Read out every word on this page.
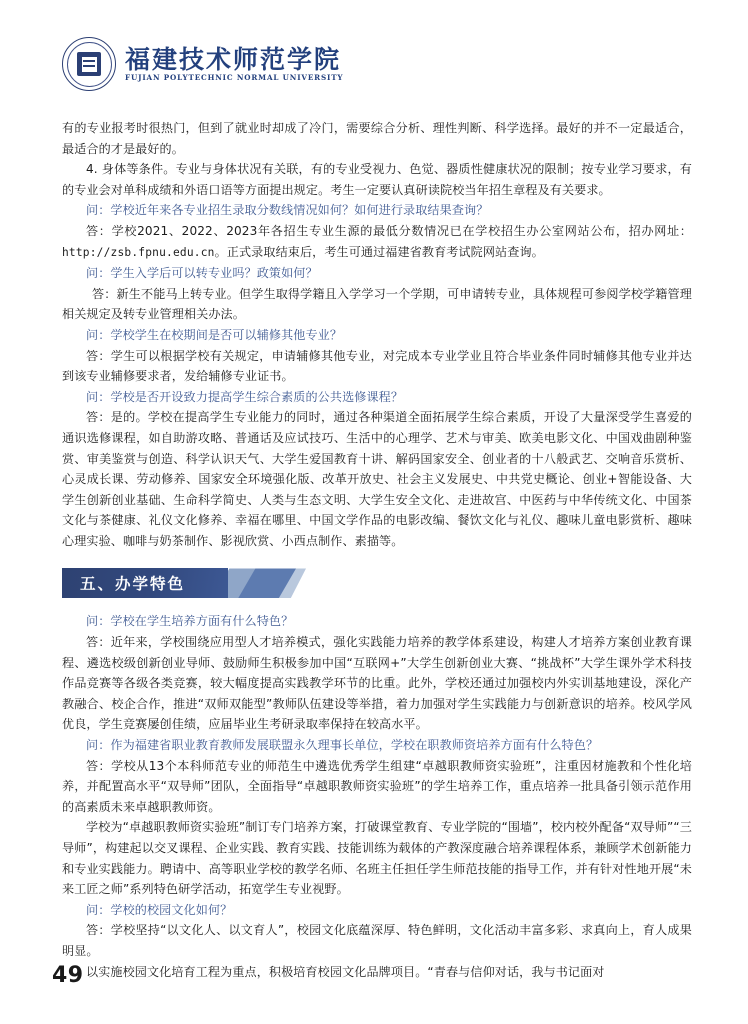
福建技术师范学院
FUJIAN POLYTECHNIC NORMAL UNIVERSITY

有的专业报考时很热门，但到了就业时却成了冷门，需要综合分析、理性判断、科学选择。最好的并不一定最适合，最适合的才是最好的。

4. 身体等条件。专业与身体状况有关联，有的专业受视力、色觉、器质性健康状况的限制；按专业学习要求，有的专业会对单科成绩和外语口语等方面提出规定。考生一定要认真研读院校当年招生章程及有关要求。

问：学校近年来各专业招生录取分数线情况如何？如何进行录取结果查询？

答：学校2021、2022、2023年各招生专业生源的最低分数情况已在学校招生办公室网站公布，招办网址：http://zsb.fpnu.edu.cn。正式录取结束后，考生可通过福建省教育考试院网站查询。

问：学生入学后可以转专业吗？政策如何？

答：新生不能马上转专业。但学生取得学籍且入学学习一个学期，可申请转专业，具体规程可参阅学校学籍管理相关规定及转专业管理相关办法。

问：学校学生在校期间是否可以辅修其他专业？

答：学生可以根据学校有关规定，申请辅修其他专业，对完成本专业学业且符合毕业条件同时辅修其他专业并达到该专业辅修要求者，发给辅修专业证书。

问：学校是否开设致力提高学生综合素质的公共选修课程？

答：是的。学校在提高学生专业能力的同时，通过各种渠道全面拓展学生综合素质，开设了大量深受学生喜爱的通识选修课程，如自助游攻略、普通话及应试技巧、生活中的心理学、艺术与审美、欧美电影文化、中国戏曲剧种鉴赏、审美鉴赏与创造、科学认识天气、大学生爱国教育十讲、解码国家安全、创业者的十八般武艺、交响音乐赏析、心灵成长课、劳动修养、国家安全环境强化版、改革开放史、社会主义发展史、中共党史概论、创业+智能设备、大学生创新创业基础、生命科学简史、人类与生态文明、大学生安全文化、走进故宫、中医药与中华传统文化、中国茶文化与茶健康、礼仪文化修养、幸福在哪里、中国文学作品的电影改编、餐饮文化与礼仪、趣味儿童电影赏析、趣味心理实验、咖啡与奶茶制作、影视欣赏、小西点制作、素描等。

五、办学特色

问：学校在学生培养方面有什么特色？

答：近年来，学校围绕应用型人才培养模式，强化实践能力培养的教学体系建设，构建人才培养方案创业教育课程、遴选校级创新创业导师、鼓励师生积极参加中国“互联网+”大学生创新创业大赛、“挑战杯”大学生课外学术科技作品竞赛等各级各类竞赛，较大幅度提高实践教学环节的比重。此外，学校还通过加强校内外实训基地建设，深化产教融合、校企合作，推进“双师双能型”教师队伍建设等举措，着力加强对学生实践能力与创新意识的培养。校风学风优良，学生竞赛屡创佳绩，应届毕业生考研录取率保持在较高水平。

问：作为福建省职业教育教师发展联盟永久理事长单位，学校在职教师资培养方面有什么特色？

答：学校从13个本科师范专业的师范生中遴选优秀学生组建“卓越职教师资实验班”，注重因材施教和个性化培养，并配置高水平“双导师”团队，全面指导“卓越职教师资实验班”的学生培养工作，重点培养一批具备引领示范作用的高素质未来卓越职教师资。

学校为“卓越职教师资实验班”制订专门培养方案，打破课堂教育、专业学院的“围墙”，校内校外配备“双导师”“三导师”，构建起以交叉课程、企业实践、教育实践、技能训练为载体的产教深度融合培养课程体系，兼顾学术创新能力和专业实践能力。聘请中、高等职业学校的教学名师、名班主任担任学生师范技能的指导工作，并有针对性地开展“未来工匠之师”系列特色研学活动，拓宽学生专业视野。

问：学校的校园文化如何？

答：学校坚持“以文化人、以文育人”，校园文化底蕴深厚、特色鲜明，文化活动丰富多彩、求真向上，育人成果明显。

以实施校园文化培育工程为重点，积极培育校园文化品牌项目。“青春与信仰对话，我与书记面对

49
